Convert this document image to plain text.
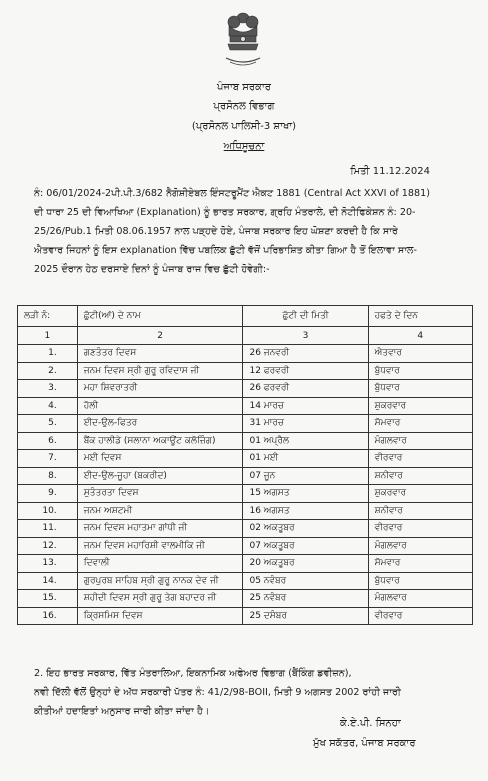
ਪੰਜਾਬ ਸਰਕਾਰ
ਪ੍ਰਸੋਨਲ ਵਿਭਾਗ
(ਪ੍ਰਸੋਨਲ ਪਾਲਿਸੀ-3 ਸ਼ਾਖਾ)
ਅਧਿਸੂਚਨਾ
ਮਿਤੀ 11.12.2024
ਨੰ: 06/01/2024-2ਪੀ.ਪੀ.3/682 ਨੈਗੋਸ਼ੀਏਬਲ ਇੰਸਟਰੂਮੈਂਟ ਐਕਟ 1881 (Central Act XXVI of 1881)
ਦੀ ਧਾਰਾ 25 ਦੀ ਵਿਆਖਿਆ (Explanation) ਨੂੰ ਭਾਰਤ ਸਰਕਾਰ, ਗ੍ਰਹਿ ਮੰਤਰਾਲੇ, ਦੀ ਨੋਟੀਫਿਕੇਸ਼ਨ ਨੰ: 20-
25/26/Pub.1 ਮਿਤੀ 08.06.1957 ਨਾਲ ਪੜ੍ਹਦੇ ਹੋਏ, ਪੰਜਾਬ ਸਰਕਾਰ ਇਹ ਘੋਸ਼ਣਾ ਕਰਦੀ ਹੈ ਕਿ ਸਾਰੇ
ਐਤਵਾਰ ਜਿਹਨਾਂ ਨੂੰ ਇਸ explanation ਵਿੱਚ ਪਬਲਿਕ ਛੁੱਟੀ ਵੱਜੋਂ ਪਰਿਭਾਸ਼ਿਤ ਕੀਤਾ ਗਿਆ ਹੈ ਤੋਂ ਇਲਾਵਾ ਸਾਲ-
2025 ਦੌਰਾਨ ਹੇਠ ਦਰਸਾਏ ਦਿਨਾਂ ਨੂੰ ਪੰਜਾਬ ਰਾਜ ਵਿਚ ਛੁੱਟੀ ਹੋਵੇਗੀ:-
ਲੜੀ ਨੰ:	ਛੁੱਟੀ(ਆਂ) ਦੇ ਨਾਮ	ਛੁੱਟੀ ਦੀ ਮਿਤੀ	ਹਫਤੇ ਦੇ ਦਿਨ
1	2	3	4
1.	ਗਣਤੰਤਰ ਦਿਵਸ	26 ਜਨਵਰੀ	ਐਤਵਾਰ
2.	ਜਨਮ ਦਿਵਸ ਸ੍ਰੀ ਗੁਰੂ ਰਵਿਦਾਸ ਜੀ	12 ਫਰਵਰੀ	ਬੁੱਧਵਾਰ
3.	ਮਹਾ ਸ਼ਿਵਰਾਤਰੀ	26 ਫਰਵਰੀ	ਬੁੱਧਵਾਰ
4.	ਹੋਲੀ	14 ਮਾਰਚ	ਸ਼ੁਕਰਵਾਰ
5.	ਈਦ-ਉਲ-ਫਿਤਰ	31 ਮਾਰਚ	ਸੋਮਵਾਰ
6.	ਬੈਂਕ ਹਾਲੀਡੇ (ਸਲਾਨਾ ਅਕਾਊਂਟ ਕਲੋਜ਼ਿੰਗ)	01 ਅਪ੍ਰੈਲ	ਮੰਗਲਵਾਰ
7.	ਮਈ ਦਿਵਸ	01 ਮਈ	ਵੀਰਵਾਰ
8.	ਈਦ-ਉਲ-ਜੂਹਾ (ਬਕਰੀਦ)	07 ਜੂਨ	ਸ਼ਨੀਵਾਰ
9.	ਸੁਤੰਤਰਤਾ ਦਿਵਸ	15 ਅਗਸਤ	ਸ਼ੁਕਰਵਾਰ
10.	ਜਨਮ ਅਸ਼ਟਮੀ	16 ਅਗਸਤ	ਸ਼ਨੀਵਾਰ
11.	ਜਨਮ ਦਿਵਸ ਮਹਾਤਮਾ ਗਾਂਧੀ ਜੀ	02 ਅਕਤੂਬਰ	ਵੀਰਵਾਰ
12.	ਜਨਮ ਦਿਵਸ ਮਹਾਰਿਸ਼ੀ ਵਾਲਮੀਕਿ ਜੀ	07 ਅਕਤੂਬਰ	ਮੰਗਲਵਾਰ
13.	ਦਿਵਾਲੀ	20 ਅਕਤੂਬਰ	ਸੋਮਵਾਰ
14.	ਗੁਰਪੁਰਬ ਸਾਹਿਬ ਸ੍ਰੀ ਗੁਰੂ ਨਾਨਕ ਦੇਵ ਜੀ	05 ਨਵੰਬਰ	ਬੁੱਧਵਾਰ
15.	ਸ਼ਹੀਦੀ ਦਿਵਸ ਸ੍ਰੀ ਗੁਰੂ ਤੇਗ ਬਹਾਦਰ ਜੀ	25 ਨਵੰਬਰ	ਮੰਗਲਵਾਰ
16.	ਕ੍ਰਿਸਮਿਸ ਦਿਵਸ	25 ਦਸੰਬਰ	ਵੀਰਵਾਰ
2. ਇਹ ਭਾਰਤ ਸਰਕਾਰ, ਵਿੱਤ ਮੰਤਰਾਲਿਆ, ਇਕਨਾਮਿਕ ਅਫੇਅਰ ਵਿਭਾਗ (ਬੈਂਕਿੰਗ ਡਵੀਜ਼ਨ),
ਨਵੀ ਦਿੱਲੀ ਵੱਲੋਂ ਉਨ੍ਹਾਂ ਦੇ ਅੱਧ ਸਰਕਾਰੀ ਪੱਤਰ ਨੰ: 41/2/98-BOII, ਮਿਤੀ 9 ਅਗਸਤ 2002 ਰਾਂਹੀ ਜਾਰੀ
ਕੀਤੀਆਂ ਹਦਾਇਤਾਂ ਅਨੁਸਾਰ ਜਾਰੀ ਕੀਤਾ ਜਾਂਦਾ ਹੈ।
ਕੇ.ਏ.ਪੀ. ਸਿਨਹਾ
ਮੁੱਖ ਸਕੱਤਰ, ਪੰਜਾਬ ਸਰਕਾਰ
